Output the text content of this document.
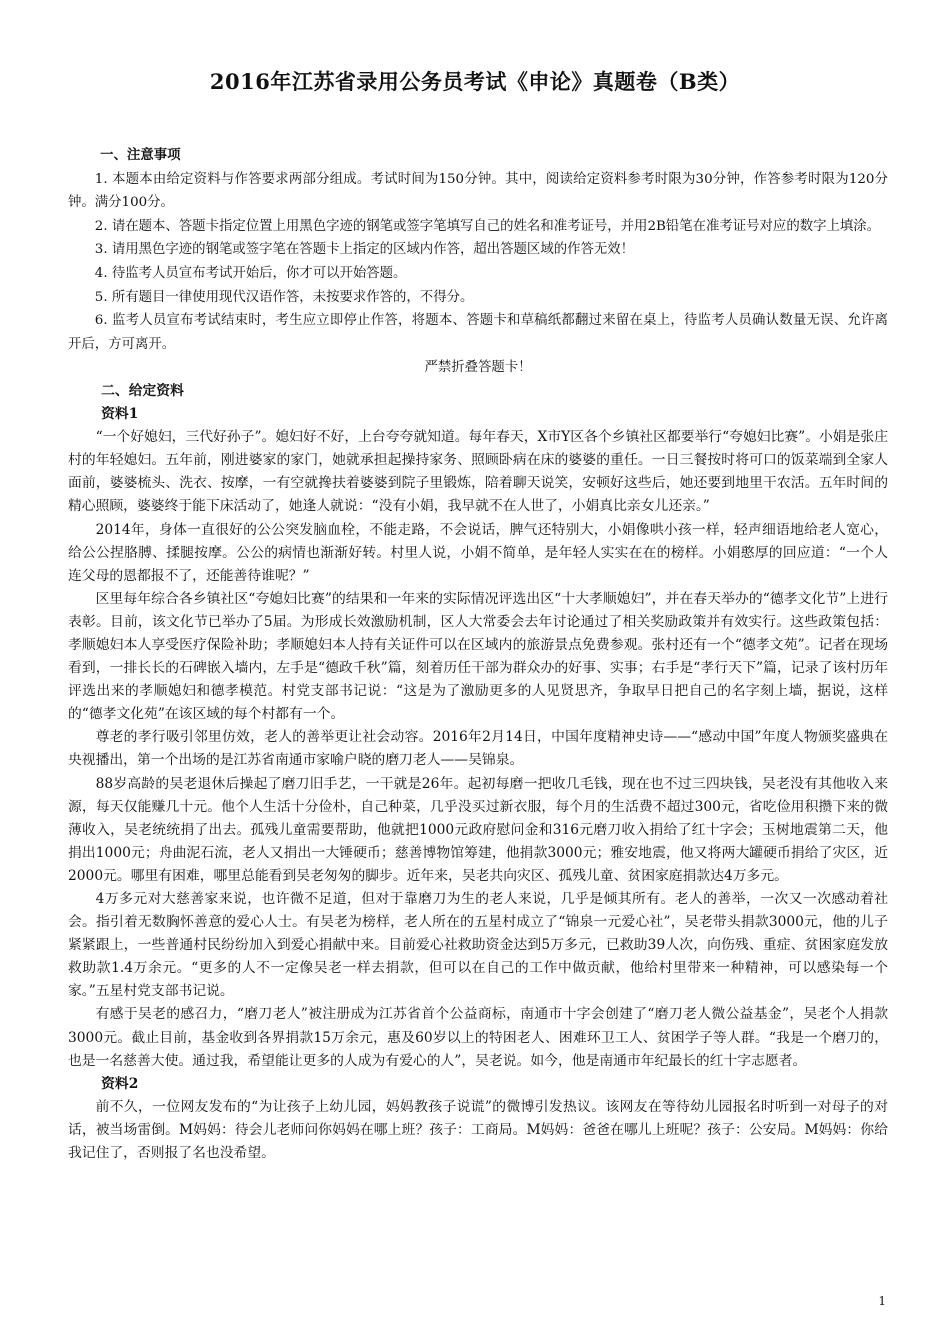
2016年江苏省录用公务员考试《申论》真题卷（B类）

一、注意事项

1. 本题本由给定资料与作答要求两部分组成。考试时间为150分钟。其中，阅读给定资料参考时限为30分钟，作答参考时限为120分钟。满分100分。

2. 请在题本、答题卡指定位置上用黑色字迹的钢笔或签字笔填写自己的姓名和准考证号，并用2B铅笔在准考证号对应的数字上填涂。

3. 请用黑色字迹的钢笔或签字笔在答题卡上指定的区域内作答，超出答题区域的作答无效！

4. 待监考人员宣布考试开始后，你才可以开始答题。

5. 所有题目一律使用现代汉语作答，未按要求作答的，不得分。

6. 监考人员宣布考试结束时，考生应立即停止作答，将题本、答题卡和草稿纸都翻过来留在桌上，待监考人员确认数量无误、允许离开后，方可离开。

严禁折叠答题卡！

二、给定资料

资料1

“一个好媳妇，三代好孙子”。媳妇好不好，上台夸夸就知道。每年春天，X市Y区各个乡镇社区都要举行“夸媳妇比赛”。小娟是张庄村的年轻媳妇。五年前，刚进婆家的家门，她就承担起操持家务、照顾卧病在床的婆婆的重任。一日三餐按时将可口的饭菜端到全家人面前，婆婆梳头、洗衣、按摩，一有空就搀扶着婆婆到院子里锻炼，陪着聊天说笑，安顿好这些后，她还要到地里干农活。五年时间的精心照顾，婆婆终于能下床活动了，她逢人就说：“没有小娟，我早就不在人世了，小娟真比亲女儿还亲。”

2014年，身体一直很好的公公突发脑血栓，不能走路，不会说话，脾气还特别大，小娟像哄小孩一样，轻声细语地给老人宽心，给公公捏胳膊、揉腿按摩。公公的病情也渐渐好转。村里人说，小娟不简单，是年轻人实实在在的榜样。小娟憨厚的回应道：“一个人连父母的恩都报不了，还能善待谁呢？”

区里每年综合各乡镇社区“夸媳妇比赛”的结果和一年来的实际情况评选出区“十大孝顺媳妇”，并在春天举办的“德孝文化节”上进行表彰。目前，该文化节已举办了5届。为形成长效激励机制，区人大常委会去年讨论通过了相关奖励政策并有效实行。这些政策包括：孝顺媳妇本人享受医疗保险补助；孝顺媳妇本人持有关证件可以在区域内的旅游景点免费参观。张村还有一个“德孝文苑”。记者在现场看到，一排长长的石碑嵌入墙内，左手是“德政千秋”篇，刻着历任干部为群众办的好事、实事；右手是“孝行天下”篇，记录了该村历年评选出来的孝顺媳妇和德孝模范。村党支部书记说：“这是为了激励更多的人见贤思齐，争取早日把自己的名字刻上墙，据说，这样的“德孝文化苑”在该区域的每个村都有一个。

尊老的孝行吸引邻里仿效，老人的善举更让社会动容。2016年2月14日，中国年度精神史诗——“感动中国”年度人物颁奖盛典在央视播出，第一个出场的是江苏省南通市家喻户晓的磨刀老人——吴锦泉。

88岁高龄的吴老退休后操起了磨刀旧手艺，一干就是26年。起初每磨一把收几毛钱，现在也不过三四块钱，吴老没有其他收入来源，每天仅能赚几十元。他个人生活十分俭朴，自己种菜，几乎没买过新衣服，每个月的生活费不超过300元，省吃俭用积攒下来的微薄收入，吴老统统捐了出去。孤残儿童需要帮助，他就把1000元政府慰问金和316元磨刀收入捐给了红十字会；玉树地震第二天，他捐出1000元；舟曲泥石流，老人又捐出一大锤硬币；慈善博物馆筹建，他捐款3000元；雅安地震，他又将两大罐硬币捐给了灾区，近2000元。哪里有困难，哪里总能看到吴老匆匆的脚步。近年来，吴老共向灾区、孤残儿童、贫困家庭捐款达4万多元。

4万多元对大慈善家来说，也许微不足道，但对于靠磨刀为生的老人来说，几乎是倾其所有。老人的善举，一次又一次感动着社会。指引着无数胸怀善意的爱心人士。有吴老为榜样，老人所在的五星村成立了“锦泉一元爱心社”，吴老带头捐款3000元，他的儿子紧紧跟上，一些普通村民纷纷加入到爱心捐献中来。目前爱心社救助资金达到5万多元，已救助39人次，向伤残、重症、贫困家庭发放救助款1.4万余元。“更多的人不一定像吴老一样去捐款，但可以在自己的工作中做贡献，他给村里带来一种精神，可以感染每一个家。”五星村党支部书记说。

有感于吴老的感召力，“磨刀老人”被注册成为江苏省首个公益商标，南通市十字会创建了“磨刀老人微公益基金”，吴老个人捐款3000元。截止目前，基金收到各界捐款15万余元，惠及60岁以上的特困老人、困难环卫工人、贫困学子等人群。“我是一个磨刀的，也是一名慈善大使。通过我，希望能让更多的人成为有爱心的人”，吴老说。如今，他是南通市年纪最长的红十字志愿者。

资料2

前不久，一位网友发布的“为让孩子上幼儿园，妈妈教孩子说谎”的微博引发热议。该网友在等待幼儿园报名时听到一对母子的对话，被当场雷倒。M妈妈：待会儿老师问你妈妈在哪上班？孩子：工商局。M妈妈：爸爸在哪儿上班呢？孩子：公安局。M妈妈：你给我记住了，否则报了名也没希望。

1
